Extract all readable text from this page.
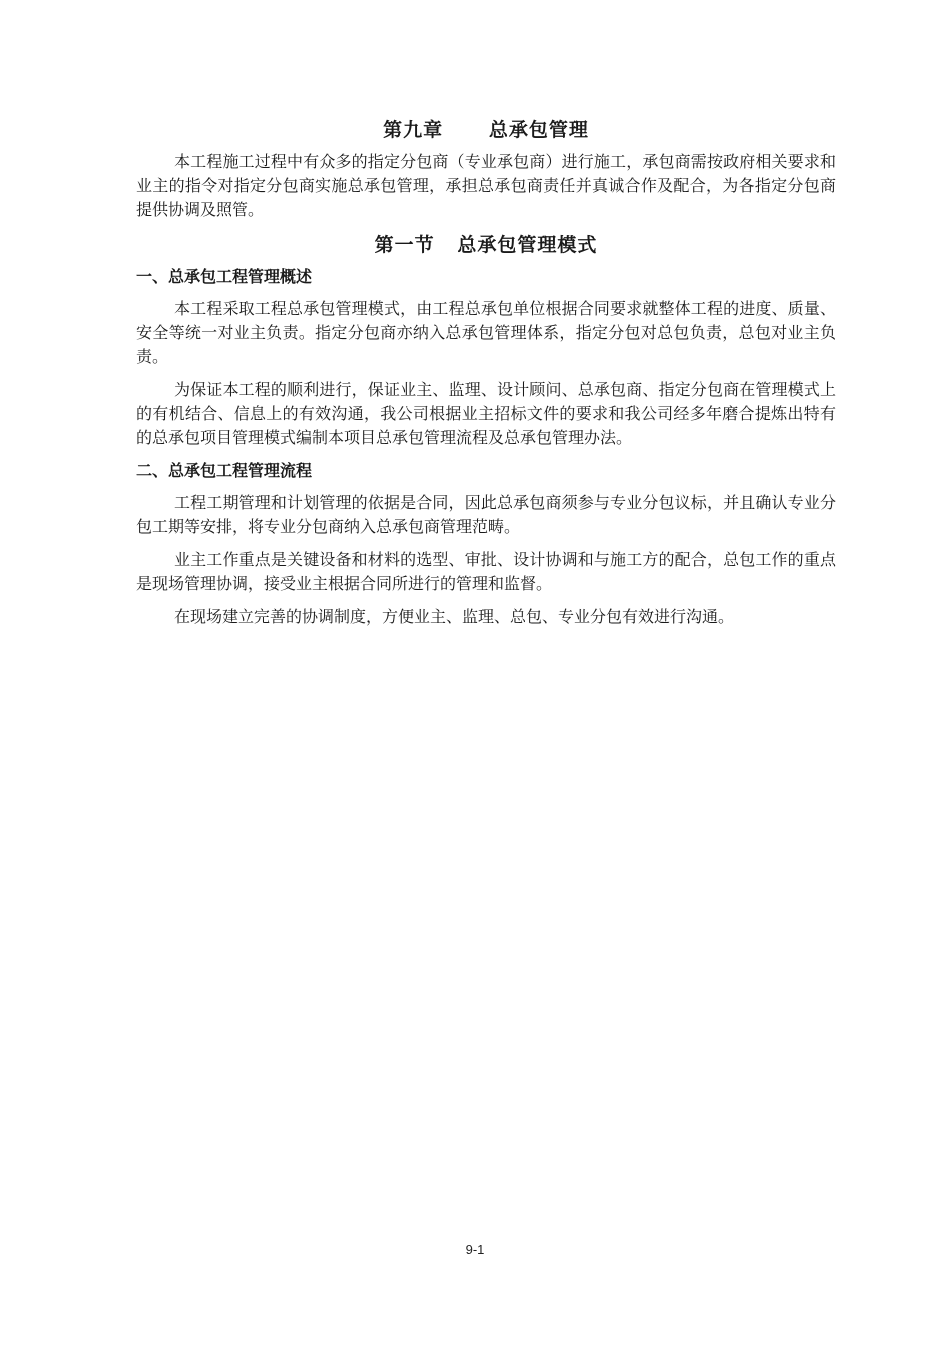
第九章      总承包管理

本工程施工过程中有众多的指定分包商（专业承包商）进行施工，承包商需按政府相关要求和业主的指令对指定分包商实施总承包管理，承担总承包商责任并真诚合作及配合，为各指定分包商提供协调及照管。

第一节   总承包管理模式
一、总承包工程管理概述

本工程采取工程总承包管理模式，由工程总承包单位根据合同要求就整体工程的进度、质量、安全等统一对业主负责。指定分包商亦纳入总承包管理体系，指定分包对总包负责，总包对业主负责。

为保证本工程的顺利进行，保证业主、监理、设计顾问、总承包商、指定分包商在管理模式上的有机结合、信息上的有效沟通，我公司根据业主招标文件的要求和我公司经多年磨合提炼出特有的总承包项目管理模式编制本项目总承包管理流程及总承包管理办法。

二、总承包工程管理流程

工程工期管理和计划管理的依据是合同，因此总承包商须参与专业分包议标，并且确认专业分包工期等安排，将专业分包商纳入总承包商管理范畴。

业主工作重点是关键设备和材料的选型、审批、设计协调和与施工方的配合，总包工作的重点是现场管理协调，接受业主根据合同所进行的管理和监督。

在现场建立完善的协调制度，方便业主、监理、总包、专业分包有效进行沟通。

9-1
